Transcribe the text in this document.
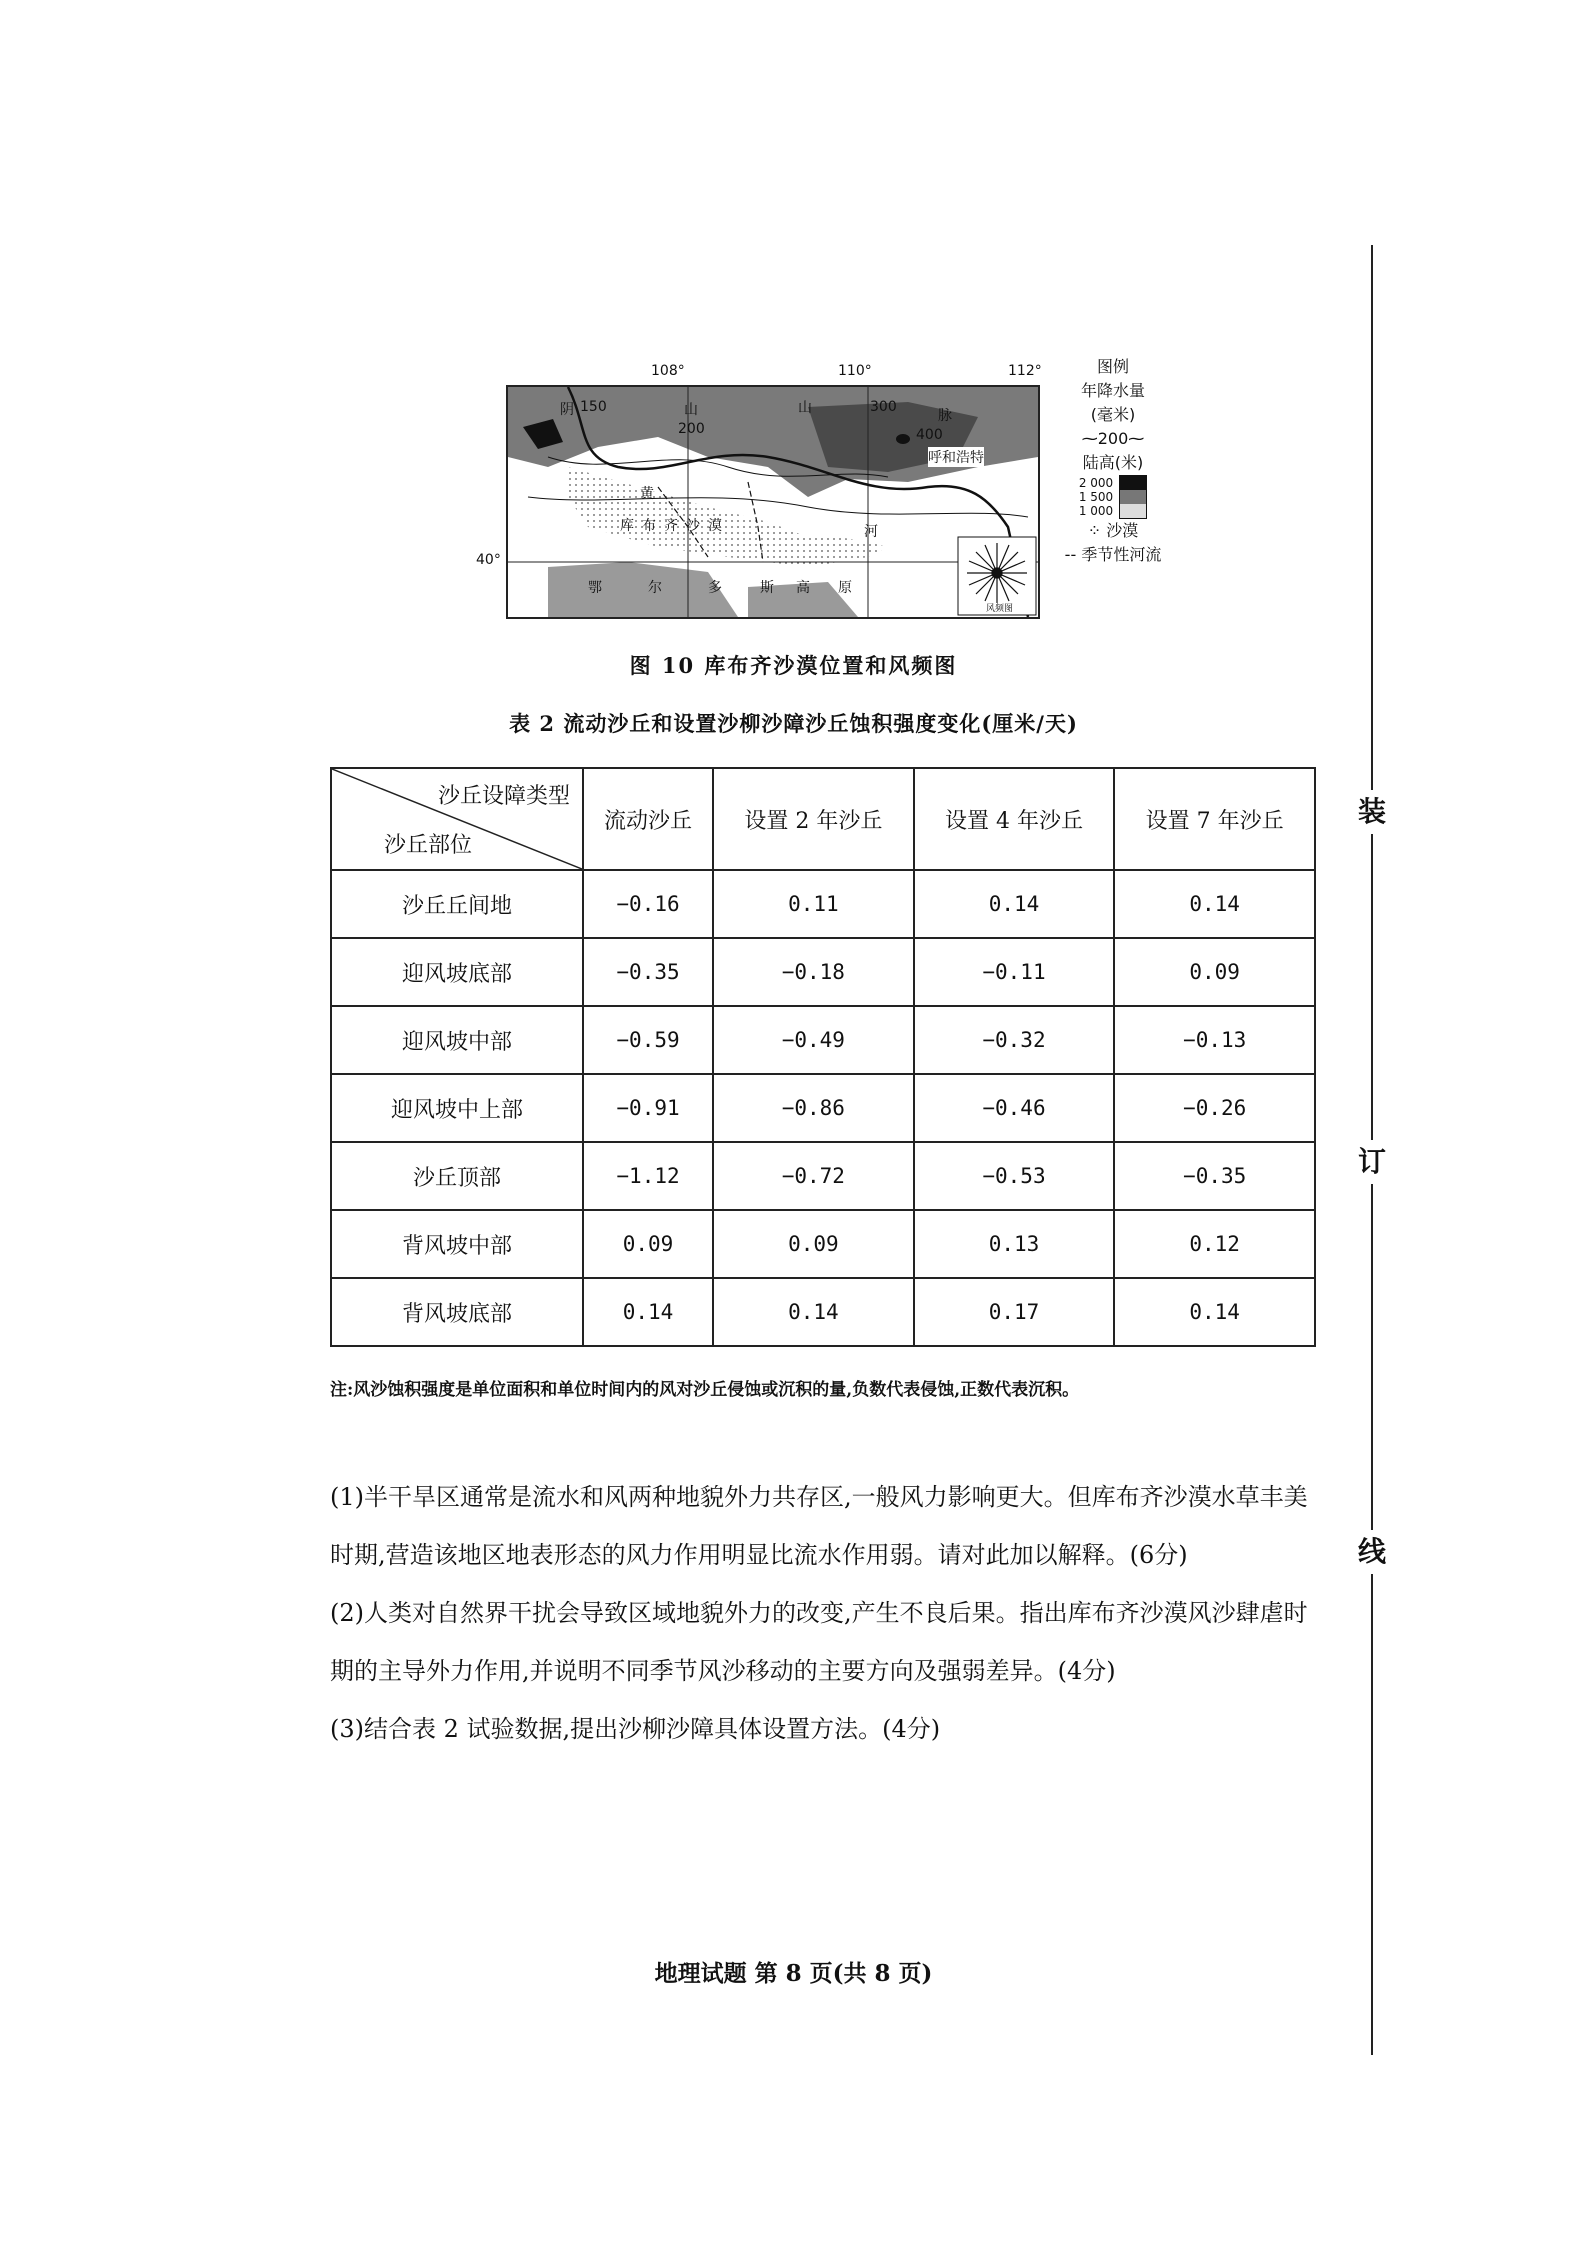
装
订
线
108°	110°	112°
40°
阴 150	山
200
山	300
脉
400
呼和浩特
黄
库布齐沙漠	河
鄂	尔	多	斯 高 原
风频图
图例
年降水量
(毫米)
⁓200⁓
陆高(米)
2 000
1 500
1 000
⁘ 沙漠
-- 季节性河流
图 10 库布齐沙漠位置和风频图
表 2 流动沙丘和设置沙柳沙障沙丘蚀积强度变化(厘米/天)
沙丘设障类型
沙丘部位	流动沙丘	设置 2 年沙丘	设置 4 年沙丘	设置 7 年沙丘
沙丘丘间地	−0.16	0.11	0.14	0.14
迎风坡底部	−0.35	−0.18	−0.11	0.09
迎风坡中部	−0.59	−0.49	−0.32	−0.13
迎风坡中上部	−0.91	−0.86	−0.46	−0.26
沙丘顶部	−1.12	−0.72	−0.53	−0.35
背风坡中部	0.09	0.09	0.13	0.12
背风坡底部	0.14	0.14	0.17	0.14
注:风沙蚀积强度是单位面积和单位时间内的风对沙丘侵蚀或沉积的量,负数代表侵蚀,正数代表沉积。

(1)半干旱区通常是流水和风两种地貌外力共存区,一般风力影响更大。但库布齐沙漠水草丰美时期,营造该地区地表形态的风力作用明显比流水作用弱。请对此加以解释。(6分)

(2)人类对自然界干扰会导致区域地貌外力的改变,产生不良后果。指出库布齐沙漠风沙肆虐时期的主导外力作用,并说明不同季节风沙移动的主要方向及强弱差异。(4分)

(3)结合表 2 试验数据,提出沙柳沙障具体设置方法。(4分)

地理试题 第 8 页(共 8 页)
